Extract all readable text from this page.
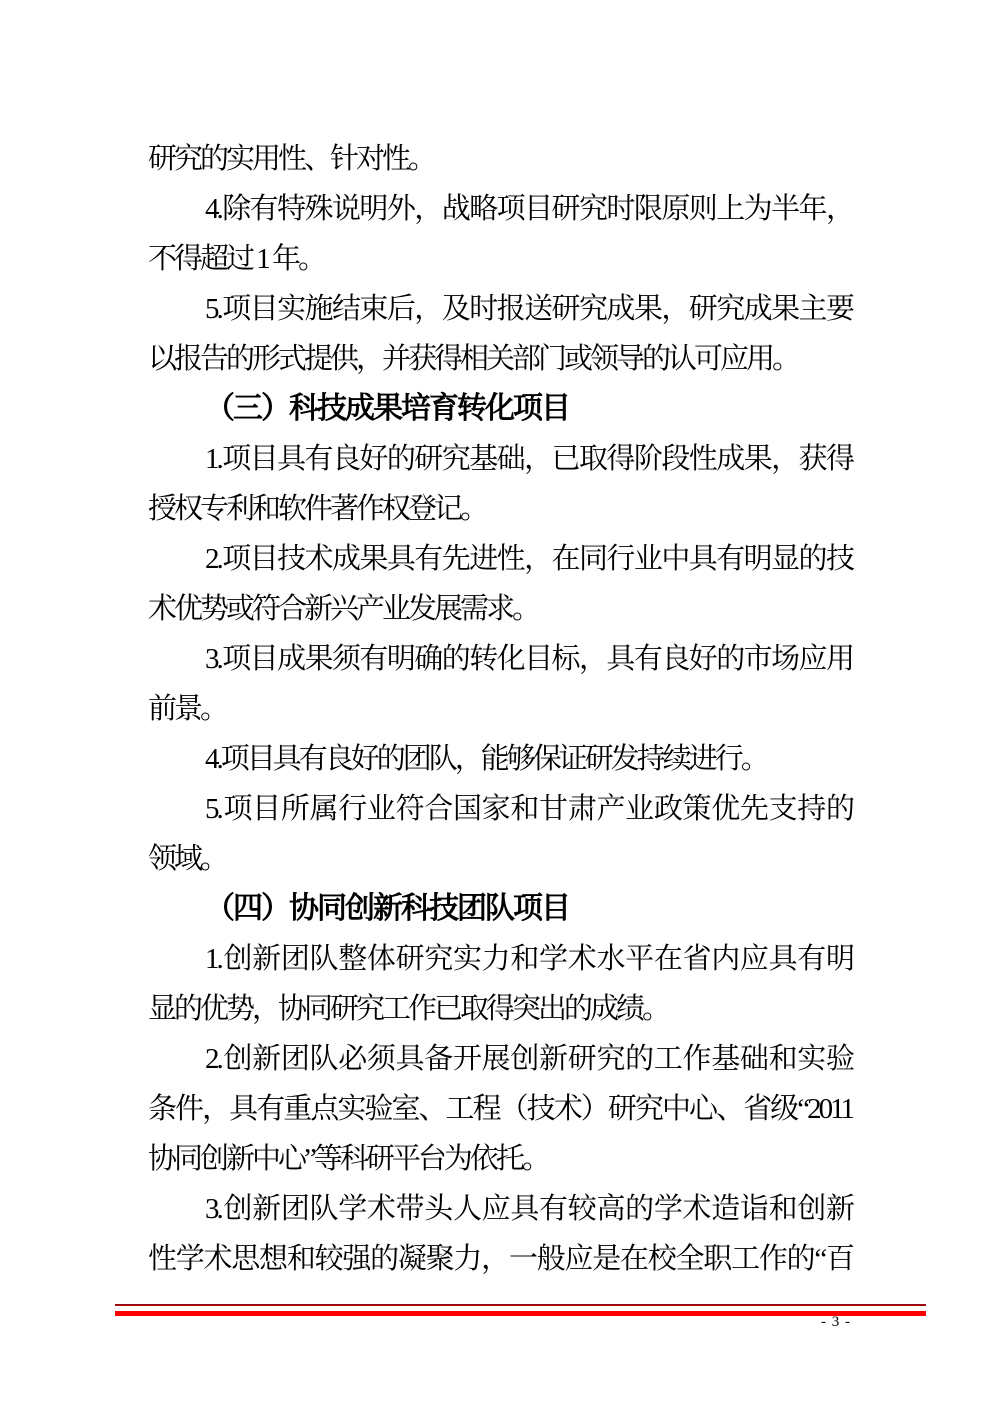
研究的实用性、针对性。
4.除有特殊说明外，战略项目研究时限原则上为半年，
不得超过 1 年。
5.项目实施结束后，及时报送研究成果，研究成果主要
以报告的形式提供，并获得相关部门或领导的认可应用。
（三）科技成果培育转化项目
1.项目具有良好的研究基础，已取得阶段性成果，获得
授权专利和软件著作权登记。
2.项目技术成果具有先进性，在同行业中具有明显的技
术优势或符合新兴产业发展需求。
3.项目成果须有明确的转化目标，具有良好的市场应用
前景。
4.项目具有良好的团队，能够保证研发持续进行。
5.项目所属行业符合国家和甘肃产业政策优先支持的
领域。
（四）协同创新科技团队项目
1.创新团队整体研究实力和学术水平在省内应具有明
显的优势，协同研究工作已取得突出的成绩。
2.创新团队必须具备开展创新研究的工作基础和实验
条件，具有重点实验室、工程（技术）研究中心、省级“2011
协同创新中心”等科研平台为依托。
3.创新团队学术带头人应具有较高的学术造诣和创新
性学术思想和较强的凝聚力，一般应是在校全职工作的“百
- 3 -
